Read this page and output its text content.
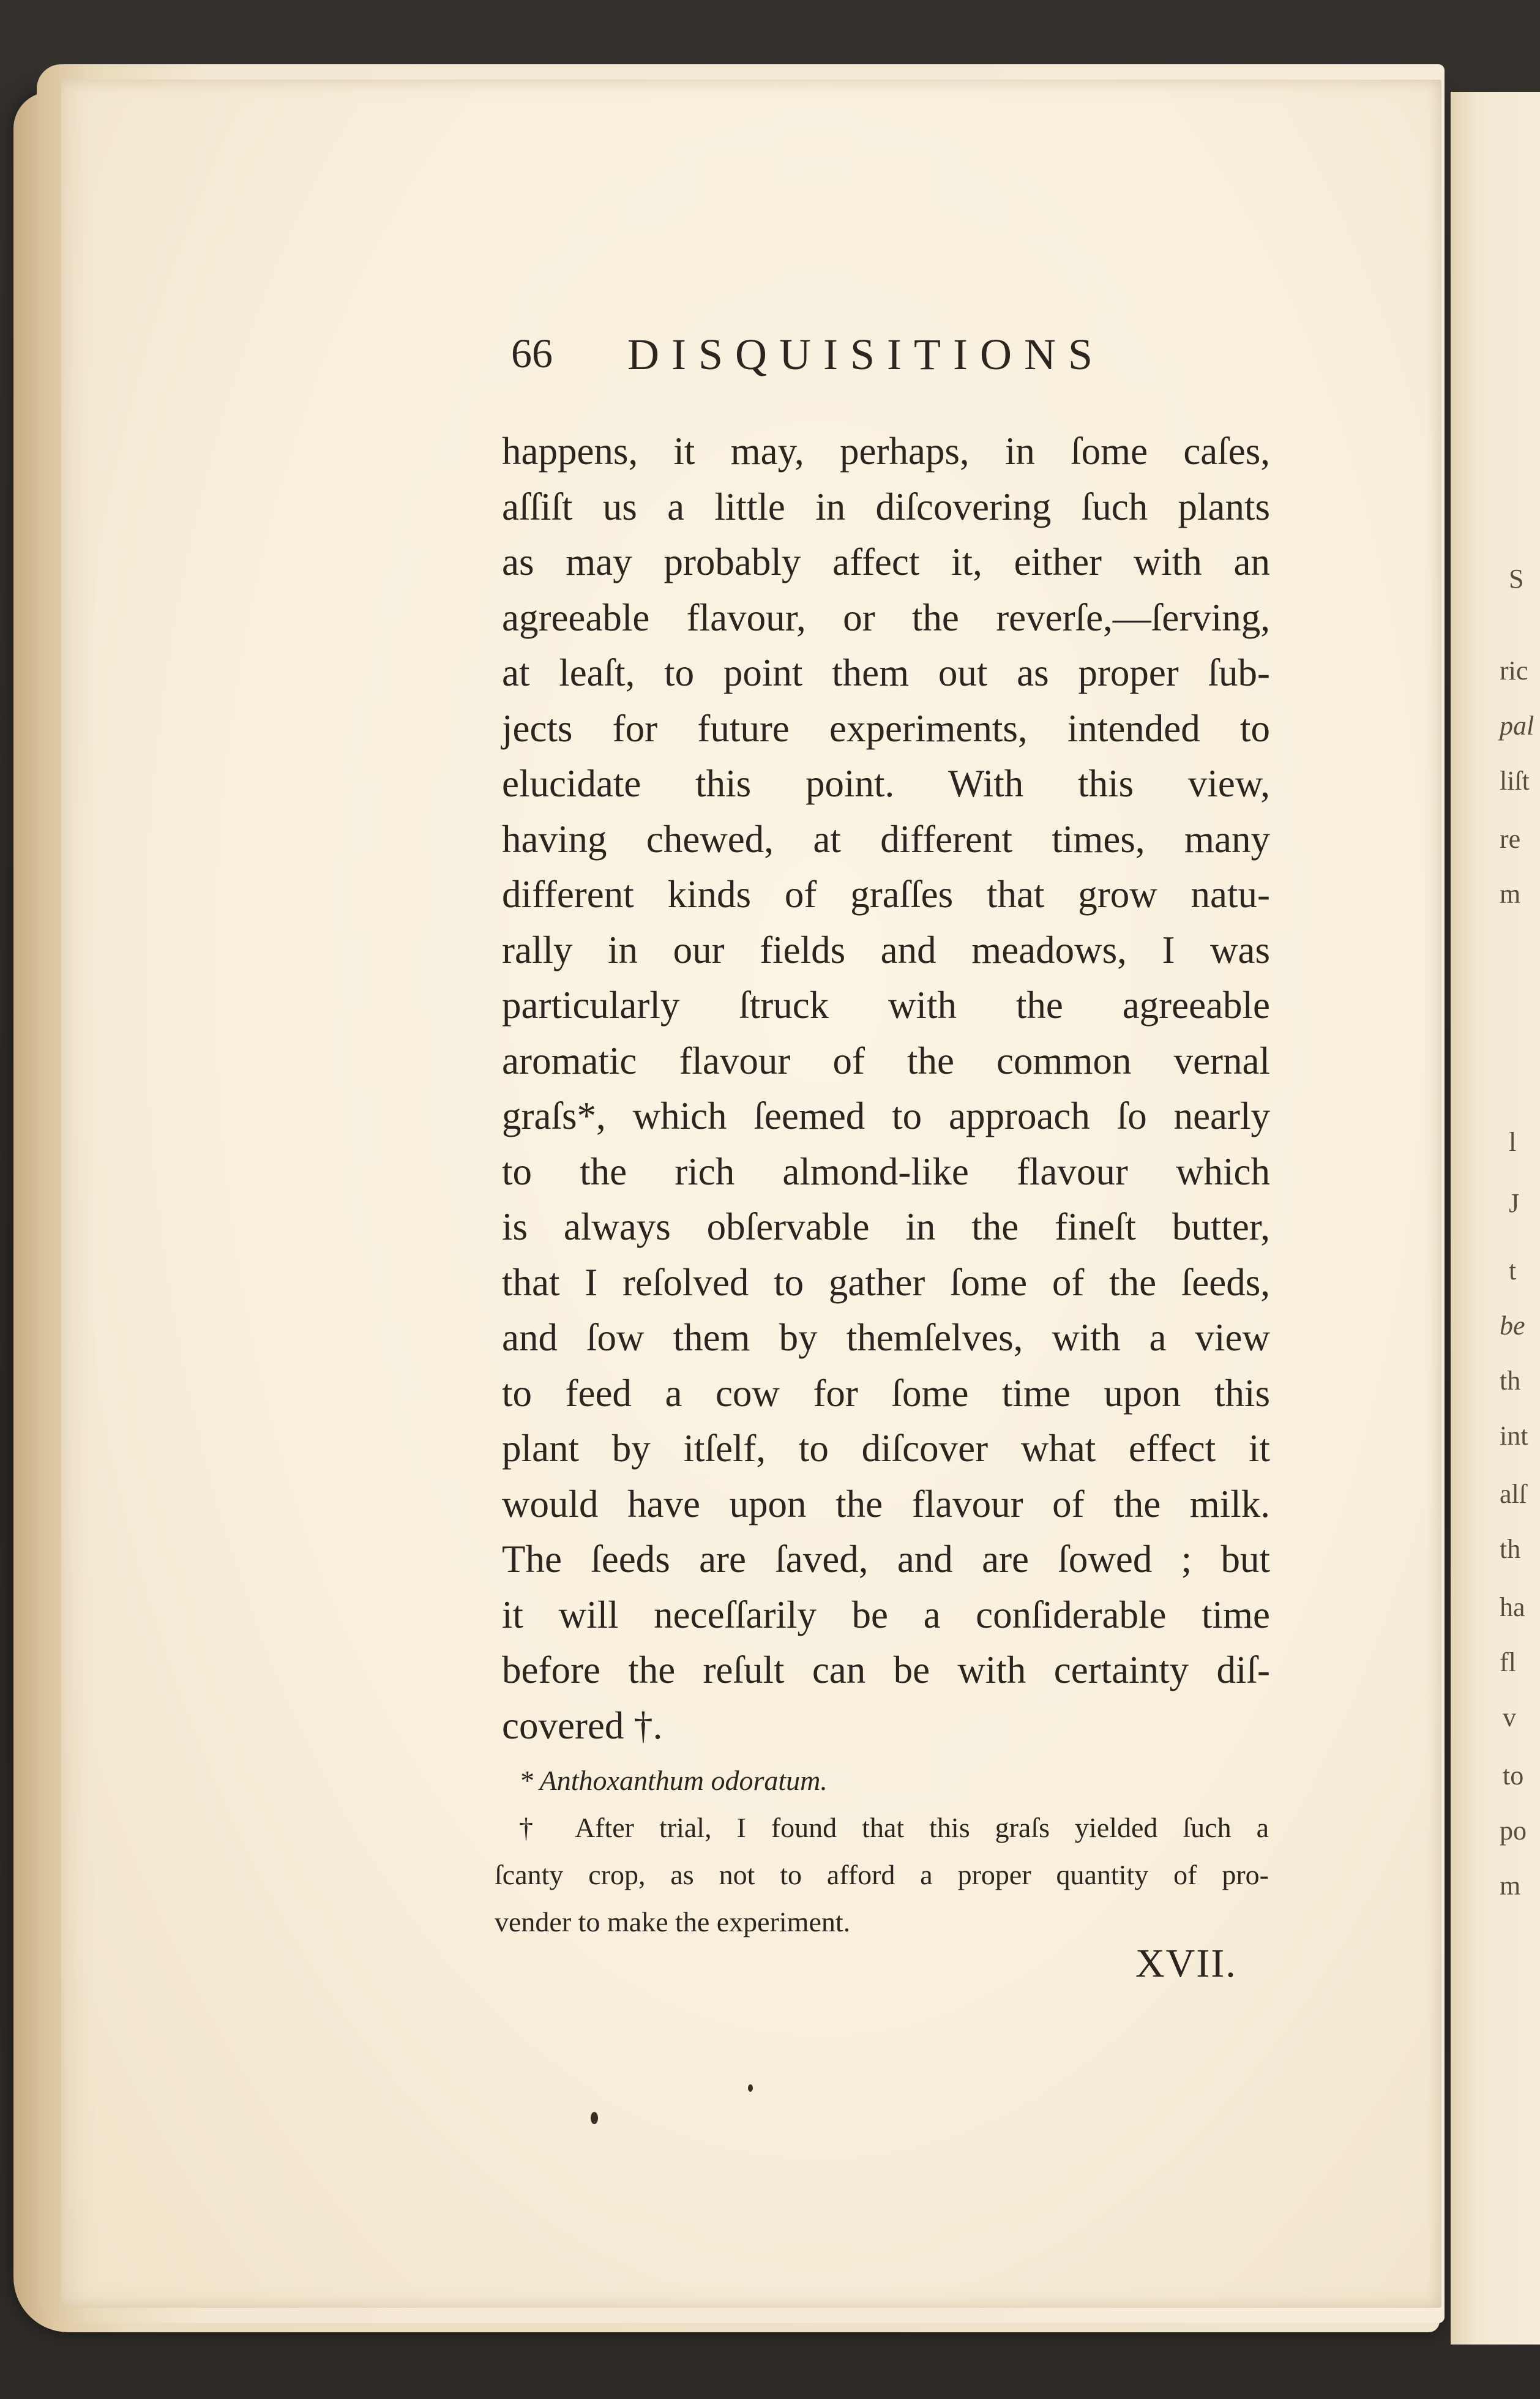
S
ric
pal
liſt
re
m
l
J
t
be
th
int
alſ
th
ha
fl
v
to
po
m
66 DISQUISITIONS
happens, it may, perhaps, in ſome caſes,
aſſiſt us a little in diſcovering ſuch plants
as may probably affect it, either with an
agreeable flavour, or the reverſe,—ſerving,
at leaſt, to point them out as proper ſub-
jects for future experiments, intended to
elucidate this point. With this view,
having chewed, at different times, many
different kinds of graſſes that grow natu-
rally in our fields and meadows, I was
particularly ſtruck with the agreeable
aromatic flavour of the common vernal
graſs*, which ſeemed to approach ſo nearly
to the rich almond-like flavour which
is always obſervable in the fineſt butter,
that I reſolved to gather ſome of the ſeeds,
and ſow them by themſelves, with a view
to feed a cow for ſome time upon this
plant by itſelf, to diſcover what effect it
would have upon the flavour of the milk.
The ſeeds are ſaved, and are ſowed ; but
it will neceſſarily be a conſiderable time
before the reſult can be with certainty diſ-
covered †.
* Anthoxanthum odoratum.
† After trial, I found that this graſs yielded ſuch a
ſcanty crop, as not to afford a proper quantity of pro-
vender to make the experiment.
XVII.
